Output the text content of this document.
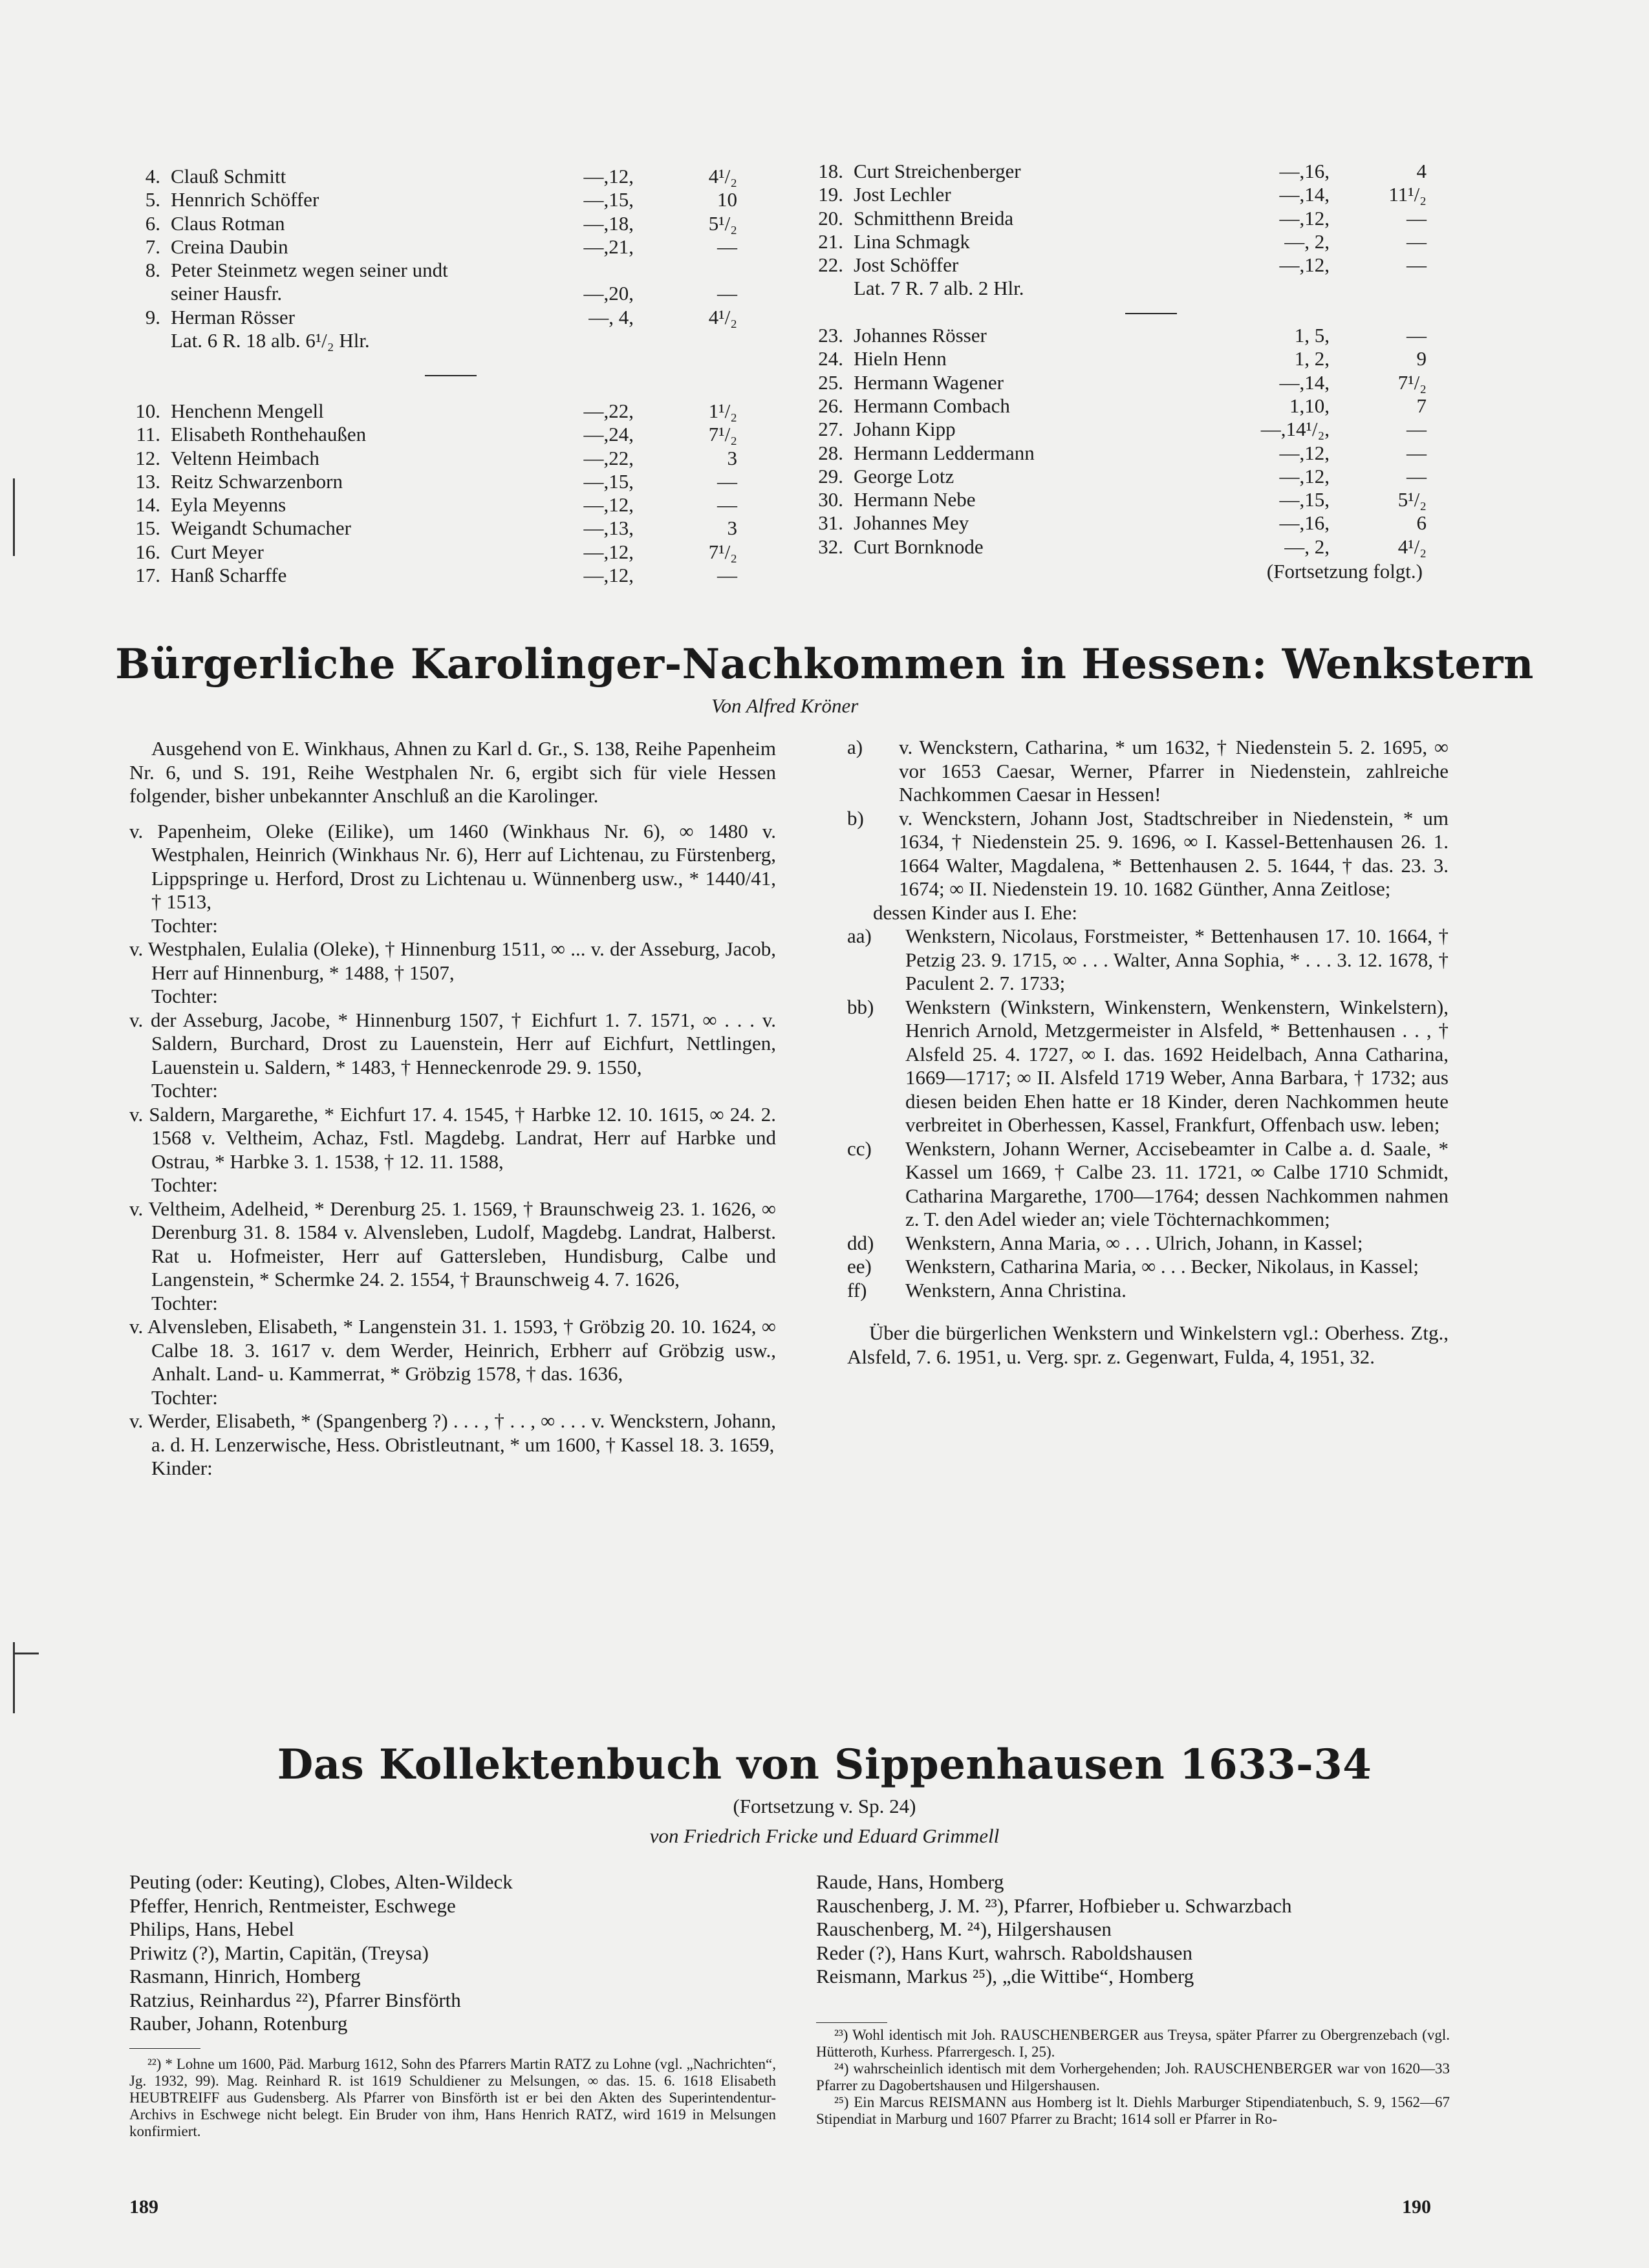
4. Clauß Schmitt	—,12,	4¹/₂
5. Hennrich Schöffer	—,15,	10
6. Claus Rotman	—,18,	5¹/₂
7. Creina Daubin	—,21,	—
8. Peter Steinmetz wegen seiner undt
seiner Hausfr.	—,20,	—
9. Herman Rösser	—, 4,	4¹/₂
Lat. 6 R. 18 alb. 6¹/₂ Hlr.
10. Henchenn Mengell	—,22,	1¹/₂
11. Elisabeth Ronthehaußen	—,24,	7¹/₂
12. Veltenn Heimbach	—,22,	3
13. Reitz Schwarzenborn	—,15,	—
14. Eyla Meyenns	—,12,	—
15. Weigandt Schumacher	—,13,	3
16. Curt Meyer	—,12,	7¹/₂
17. Hanß Scharffe	—,12,	—
18. Curt Streichenberger	—,16,	4
19. Jost Lechler	—,14,	11¹/₂
20. Schmitthenn Breida	—,12,	—
21. Lina Schmagk	—, 2,	—
22. Jost Schöffer	—,12,	—
Lat. 7 R. 7 alb. 2 Hlr.
23. Johannes Rösser	1, 5,	—
24. Hieln Henn	1, 2,	9
25. Hermann Wagener	—,14,	7¹/₂
26. Hermann Combach	1,10,	7
27. Johann Kipp	—,14¹/₂,	—
28. Hermann Leddermann	—,12,	—
29. George Lotz	—,12,	—
30. Hermann Nebe	—,15,	5¹/₂
31. Johannes Mey	—,16,	6
32. Curt Bornknode	—, 2,	4¹/₂
(Fortsetzung folgt.)
Bürgerliche Karolinger-Nachkommen in Hessen: Wenkstern
Von Alfred Kröner

Ausgehend von E. Winkhaus, Ahnen zu Karl d. Gr., S. 138, Reihe Papenheim Nr. 6, und S. 191, Reihe Westphalen Nr. 6, ergibt sich für viele Hessen folgender, bisher unbekannter Anschluß an die Karolinger.

v. Papenheim, Oleke (Eilike), um 1460 (Winkhaus Nr. 6), ∞ 1480 v. Westphalen, Heinrich (Winkhaus Nr. 6), Herr auf Lichtenau, zu Fürstenberg, Lippspringe u. Herford, Drost zu Lichtenau u. Wünnenberg usw., * 1440/41, † 1513,

Tochter:

v. Westphalen, Eulalia (Oleke), † Hinnenburg 1511, ∞ ... v. der Asseburg, Jacob, Herr auf Hinnenburg, * 1488, † 1507,

Tochter:

v. der Asseburg, Jacobe, * Hinnenburg 1507, † Eichfurt 1. 7. 1571, ∞ . . . v. Saldern, Burchard, Drost zu Lauenstein, Herr auf Eichfurt, Nettlingen, Lauenstein u. Saldern, * 1483, † Henneckenrode 29. 9. 1550,

Tochter:

v. Saldern, Margarethe, * Eichfurt 17. 4. 1545, † Harbke 12. 10. 1615, ∞ 24. 2. 1568 v. Veltheim, Achaz, Fstl. Magdebg. Landrat, Herr auf Harbke und Ostrau, * Harbke 3. 1. 1538, † 12. 11. 1588,

Tochter:

v. Veltheim, Adelheid, * Derenburg 25. 1. 1569, † Braunschweig 23. 1. 1626, ∞ Derenburg 31. 8. 1584 v. Alvensleben, Ludolf, Magdebg. Landrat, Halberst. Rat u. Hofmeister, Herr auf Gattersleben, Hundisburg, Calbe und Langenstein, * Schermke 24. 2. 1554, † Braunschweig 4. 7. 1626,

Tochter:

v. Alvensleben, Elisabeth, * Langenstein 31. 1. 1593, † Gröbzig 20. 10. 1624, ∞ Calbe 18. 3. 1617 v. dem Werder, Heinrich, Erbherr auf Gröbzig usw., Anhalt. Land- u. Kammerrat, * Gröbzig 1578, † das. 1636,

Tochter:

v. Werder, Elisabeth, * (Spangenberg ?) . . . , † . . , ∞ . . . v. Wenckstern, Johann, a. d. H. Lenzerwische, Hess. Obristleutnant, * um 1600, † Kassel 18. 3. 1659,

Kinder:

a) v. Wenckstern, Catharina, * um 1632, † Niedenstein 5. 2. 1695, ∞ vor 1653 Caesar, Werner, Pfarrer in Niedenstein, zahlreiche Nachkommen Caesar in Hessen!

b) v. Wenckstern, Johann Jost, Stadtschreiber in Niedenstein, * um 1634, † Niedenstein 25. 9. 1696, ∞ I. Kassel-Bettenhausen 26. 1. 1664 Walter, Magdalena, * Bettenhausen 2. 5. 1644, † das. 23. 3. 1674; ∞ II. Niedenstein 19. 10. 1682 Günther, Anna Zeitlose;

dessen Kinder aus I. Ehe:

aa) Wenkstern, Nicolaus, Forstmeister, * Bettenhausen 17. 10. 1664, † Petzig 23. 9. 1715, ∞ . . . Walter, Anna Sophia, * . . . 3. 12. 1678, † Paculent 2. 7. 1733;

bb) Wenkstern (Winkstern, Winkenstern, Wenkenstern, Winkelstern), Henrich Arnold, Metzgermeister in Alsfeld, * Bettenhausen . . , † Alsfeld 25. 4. 1727, ∞ I. das. 1692 Heidelbach, Anna Catharina, 1669—1717; ∞ II. Alsfeld 1719 Weber, Anna Barbara, † 1732; aus diesen beiden Ehen hatte er 18 Kinder, deren Nachkommen heute verbreitet in Oberhessen, Kassel, Frankfurt, Offenbach usw. leben;

cc) Wenkstern, Johann Werner, Accisebeamter in Calbe a. d. Saale, * Kassel um 1669, † Calbe 23. 11. 1721, ∞ Calbe 1710 Schmidt, Catharina Margarethe, 1700—1764; dessen Nachkommen nahmen z. T. den Adel wieder an; viele Töchternachkommen;

dd) Wenkstern, Anna Maria, ∞ . . . Ulrich, Johann, in Kassel;

ee) Wenkstern, Catharina Maria, ∞ . . . Becker, Nikolaus, in Kassel;

ff) Wenkstern, Anna Christina.

Über die bürgerlichen Wenkstern und Winkelstern vgl.: Oberhess. Ztg., Alsfeld, 7. 6. 1951, u. Verg. spr. z. Gegenwart, Fulda, 4, 1951, 32.

Das Kollektenbuch von Sippenhausen 1633-34
(Fortsetzung v. Sp. 24)
von Friedrich Fricke und Eduard Grimmell

Peuting (oder: Keuting), Clobes, Alten-Wildeck

Pfeffer, Henrich, Rentmeister, Eschwege

Philips, Hans, Hebel

Priwitz (?), Martin, Capitän, (Treysa)

Rasmann, Hinrich, Homberg

Ratzius, Reinhardus ²²), Pfarrer Binsförth

Rauber, Johann, Rotenburg

Raude, Hans, Homberg

Rauschenberg, J. M. ²³), Pfarrer, Hofbieber u. Schwarzbach

Rauschenberg, M. ²⁴), Hilgershausen

Reder (?), Hans Kurt, wahrsch. Raboldshausen

Reismann, Markus ²⁵), „die Wittibe“, Homberg

²²) * Lohne um 1600, Päd. Marburg 1612, Sohn des Pfarrers Martin RATZ zu Lohne (vgl. „Nachrichten“, Jg. 1932, 99). Mag. Reinhard R. ist 1619 Schuldiener zu Melsungen, ∞ das. 15. 6. 1618 Elisabeth HEUBTREIFF aus Gudensberg. Als Pfarrer von Binsförth ist er bei den Akten des Superintendentur-Archivs in Eschwege nicht belegt. Ein Bruder von ihm, Hans Henrich RATZ, wird 1619 in Melsungen konfirmiert.

²³) Wohl identisch mit Joh. RAUSCHENBERGER aus Treysa, später Pfarrer zu Obergrenzebach (vgl. Hütteroth, Kurhess. Pfarrergesch. I, 25).

²⁴) wahrscheinlich identisch mit dem Vorhergehenden; Joh. RAUSCHENBERGER war von 1620—33 Pfarrer zu Dagobertshausen und Hilgershausen.

²⁵) Ein Marcus REISMANN aus Homberg ist lt. Diehls Marburger Stipendiatenbuch, S. 9, 1562—67 Stipendiat in Marburg und 1607 Pfarrer zu Bracht; 1614 soll er Pfarrer in Ro-

189	190
